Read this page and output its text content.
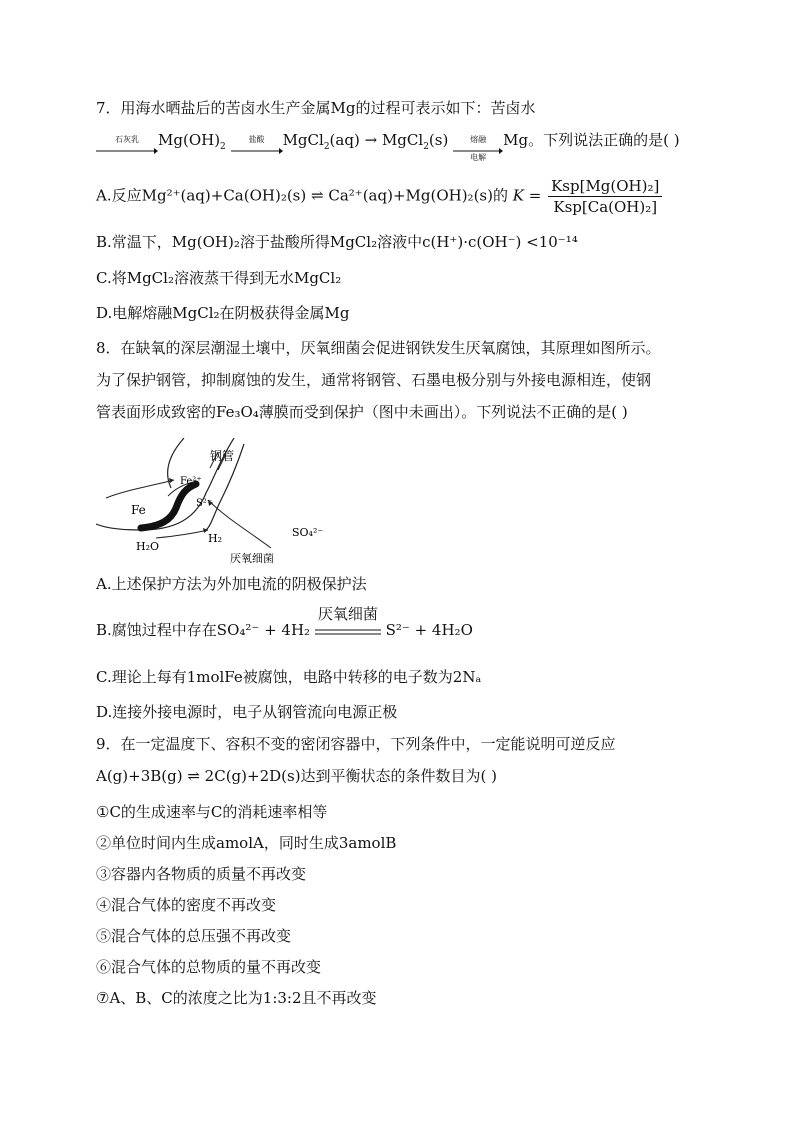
7．用海水晒盐后的苦卤水生产金属Mg的过程可表示如下：苦卤水
石灰乳	$Mg(OH)_2$
盐酸	MgCl$_2$(aq) → MgCl$_2$(s)	熔融
电解
Mg。下列说法正确的是( )
A.反应Mg²⁺(aq)+Ca(OH)₂(s) ⇌ Ca²⁺(aq)+Mg(OH)₂(s)的 $K = \frac{\text{Ksp[Mg(OH)₂]}}{\text{Ksp[Ca(OH)₂]}}$
B.常温下，Mg(OH)₂溶于盐酸所得MgCl₂溶液中c(H⁺)·c(OH⁻) <10⁻¹⁴
C.将MgCl₂溶液蒸干得到无水MgCl₂
D.电解熔融MgCl₂在阴极获得金属Mg
8．在缺氧的深层潮湿土壤中，厌氧细菌会促进钢铁发生厌氧腐蚀，其原理如图所示。
为了保护钢管，抑制腐蚀的发生，通常将钢管、石墨电极分别与外接电源相连，使钢
管表面形成致密的Fe₃O₄薄膜而受到保护（图中未画出）。下列说法不正确的是( )
钢管
Fe²⁺
S²⁻
Fe
SO₄²⁻
H₂
H₂O
厌氧细菌
A.上述保护方法为外加电流的阴极保护法
B.腐蚀过程中存在SO₄²⁻ + 4H₂
厌氧细菌
S²⁻ + 4H₂O
C.理论上每有1molFe被腐蚀，电路中转移的电子数为2Nₐ
D.连接外接电源时，电子从钢管流向电源正极
9．在一定温度下、容积不变的密闭容器中，下列条件中，一定能说明可逆反应
A(g)+3B(g) ⇌ 2C(g)+2D(s)达到平衡状态的条件数目为( )
①C的生成速率与C的消耗速率相等
②单位时间内生成amolA，同时生成3amolB
③容器内各物质的质量不再改变
④混合气体的密度不再改变
⑤混合气体的总压强不再改变
⑥混合气体的总物质的量不再改变
⑦A、B、C的浓度之比为1:3:2且不再改变
